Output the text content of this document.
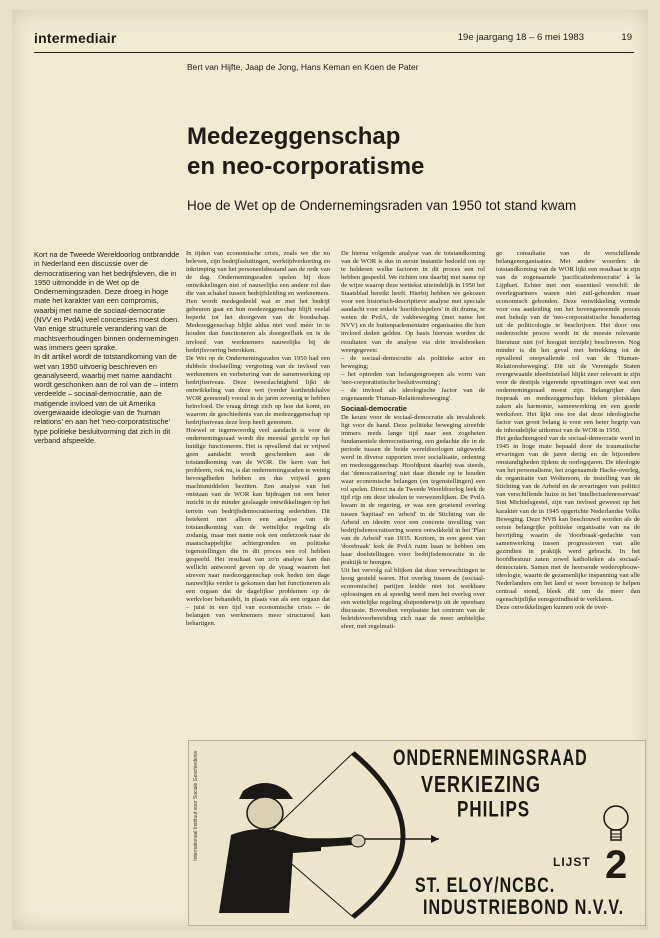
intermediair	19e jaargang 18 – 6 mei 1983	19
Bert van Hijfte, Jaap de Jong, Hans Keman en Koen de Pater
Medezeggenschap
en neo-corporatisme
Hoe de Wet op de Ondernemingsraden van 1950 tot stand kwam

Kort na de Tweede Wereldoorlog ontbrandde in Nederland een discussie over de democratisering van het bedrijfsleven, die in 1950 uitmondde in de Wet op de Ondernemingsraden. Deze droeg in hoge mate het karakter van een compromis, waarbij met name de sociaal-democratie (NVV en PvdA) veel concessies moest doen. Van enige structurele verandering van de machtsverhoudingen binnen ondernemingen was immers geen sprake.

In dit artikel wordt de totstandkoming van de wet van 1950 uitvoerig beschreven en geanalyseerd, waarbij met name aandacht wordt geschonken aan de rol van de – intern verdeelde – sociaal-democratie, aan de matigende invloed van de uit Amerika overgewaaide ideologie van de 'human relations' en aan het 'neo-corporatistische' type politieke besluitvorming dat zich in dit verband afspeelde.

In tijden van economische crisis, zoals we die nu beleven, zijn bedrijfssluitingen, werktijdverkorting en inkrimping van het personeelsbestand aan de orde van de dag. Ondernemingsraden spelen bij deze ontwikkelingen niet of nauwelijks een andere rol dan die van schakel tussen bedrijfsleiding en werknemers. Hen wordt medegedeeld wat er met het bedrijf gebeuren gaat en hun medezeggenschap blijft veelal beperkt tot het doorgeven van de boodschap. Medezeggenschap blijkt aldus niet veel méér in te houden dan functioneren als doorgeefluik en is de invloed van werknemers nauwelijks bij de bedrijfsvoering betrokken.

De Wet op de Ondernemingsraden van 1950 had een dubbele doelstelling: vergroting van de invloed van werknemers en verbetering van de samenwerking op bedrijfsniveau. Deze tweeslachtigheid lijkt de ontwikkeling van deze wet (verder kortheidshalve WOR genoemd) vooral in de jaren zeventig te hebben beïnvloed. De vraag dringt zich op hoe dat komt, en waarom de geschiedenis van de medezeggenschap op bedrijfsniveau deze loop heeft genomen.

Hoewel er tegenwoordig veel aandacht is voor de ondernemingsraad wordt die meestal gericht op het huidige functioneren. Het is opvallend dat er vrijwel geen aandacht wordt geschonken aan de totstandkoming van de WOR. De kern van het probleem, ook nu, is dat ondernemingsraden te weinig bevoegdheden hebben en dus vrijwel geen machtsmiddelen bezitten. Een analyse van het ontstaan van de WOR kan bijdragen tot een beter inzicht in de minder geslaagde ontwikkelingen op het terrein van bedrijfsdemocratisering sedertdien. Dit betekent niet alleen een analyse van de totstandkoming van de wettelijke regeling als zodanig, maar met name ook een onderzoek naar de maatschappelijke achtergronden en politieke tegenstellingen die in dit proces een rol hebben gespeeld. Het resultaat van zo'n analyse kan dan wellicht antwoord geven op de vraag waarom het streven naar medezeggenschap ook heden ten dage nauwelijks verder is gekomen dan het functioneren als een orgaan dat de dagelijkse problemen op de werkvloer behandelt, in plaats van als een orgaan dat – juist in een tijd van economische crisis – de belangen van werknemers meer structureel kan behartigen.

De hierna volgende analyse van de totstandkoming van de WOR is dus in eerste instantie bedoeld om op te helderen welke factoren in dit proces een rol hebben gespeeld. We richten ons daarbij met name op de wijze waarop deze wettekst uiteindelijk in 1950 het Staatsblad bereikt heeft. Hierbij hebben we gekozen voor een historisch-descriptieve analyse met speciale aandacht voor enkele 'hoofdrolspelers' in dit drama, te weten de PvdA, de vakbeweging (met name het NVV) en de buitenparlementaire organisaties die hun invloed deden gelden. Op basis hiervan worden de resultaten van de analyse via drie invalshoeken weergegeven:

– de sociaal-democratie als politieke actor en beweging;

– het optreden van belangengroepen als vorm van 'neo-corporatistische besluitvorming';

– de invloed als ideologische factor van de zogenaamde 'Human-Relationsbeweging'.

Sociaal-democratie

De keuze voor de sociaal-democratie als invalshoek ligt voor de hand. Deze politieke beweging streefde immers reeds lange tijd naar een zogeheten fundamentele democratisering, een gedachte die in de periode tussen de beide wereldoorlogen uitgewerkt werd in diverse rapporten over socialisatie, ordening en medezeggenschap. Hoofdpunt daarbij was steeds, dat 'democratisering' niet daar diende op te houden waar economische belangen (en tegenstellingen) een rol spelen. Direct na de Tweede Wereldoorlog leek de tijd rijp om deze idealen te verwezenlijken. De PvdA kwam in de regering, er was een groeiend overleg tussen 'kapitaal' en 'arbeid' in de Stichting van de Arbeid en ideeën voor een concrete invulling van bedrijfsdemocratisering waren ontwikkeld in het 'Plan van de Arbeid' van 1935. Kortom, in een geest van 'doorbraak' leek de PvdA ruim baan te hebben om haar doelstellingen voor bedrijfsdemocratie in de praktijk te brengen.

Uit het vervolg zal blijken dat deze verwachtingen te hoog gesteld waren. Het overleg tussen de (sociaal-economische) partijen leidde niet tot werkbare oplossingen en al spoedig werd men het overleg over een wettelijke regeling sluipenderwijs uit de openbare discussie. Bovendien verplaatste het centrum van de beleidsvoorbereiding zich naar de meer ambtelijke sfeer, met regelmati-

ge consultatie van de verschillende belangenorganisaties. Met andere woorden: de totstandkoming van de WOR lijkt een resultaat te zijn van de zogenaamde 'pacificatiedemocratie' à la Lijphart. Echter met een essentieel verschil: de overlegpartners waren niet zuil-gebonden maar economisch gebonden. Deze ontwikkeling vormde voor ons aanleiding om het bovengenoemde proces met behulp van de 'neo-corporatistische benadering uit de politicologie te beschrijven. Het door ons onderzochte proces wordt in de meeste relevante literatuur niet (of hooguit terzijde) beschreven. Nog minder is dit het geval met betrekking tot de opvallend onopvallende rol van de 'Human-Relationsbeweging'. Dit uit de Verenigde Staten overgewaaide ideeëntstelsel blijkt zeer relevant te zijn voor de destijds vigerende opvattingen over wat een ondernemingsraad moest zijn. Belangrijker dan inspraak en medezeggenschap bleken plotsklaps zaken als harmonie, samenwerking en een goede werksfeer. Het lijkt ons toe dat deze ideologische factor van groot belang is voor een beter begrip van de inhoudelijke uitkomst van de WOR in 1950.

Het gedachtengoed van de sociaal-democratie werd in 1945 in hoge mate bepaald door de traumatische ervaringen van de jaren dertig en de bijzondere omstandigheden tijdens de oorlogsjaren. De ideologie van het personalisme, het zogenaamde Hacke-overleg, de organisatie van Woltersom, de instelling van de Stichting van de Arbeid en de ervaringen van politici van verschillende huize in het 'intellectuelenreservaat' Sint Michielsgestel, zijn van invloed geweest op het karakter van de in 1945 opgerichte Nederlandse Volks Beweging. Deze NVB kan beschouwd worden als de eerste belangrijke politieke organisatie van na de bevrijding waarin de 'doorbraak'-gedachte van samenwerking tussen progressieven van alle gezindten in praktijk werd gebracht. In het hoofdbestuur zaten zowel katholieken als sociaal-democraten. Samen met de heersende wederopbouw-ideologie, waarin de gezamenlijke inspanning van alle Nederlanders om het land er weer bovenop te helpen centraal stond, bleek dit om de meer dan ogenschijnlijke eensgezindheid te verklaren.

Deze ontwikkelingen kunnen ook de over-

Internationaal Instituut voor Sociale Geschiedenis	ONDERNEMINGSRAAD
VERKIEZING
PHILIPS
LIJST 2
ST. ELOY/NCBC.
INDUSTRIEBOND N.V.V.
